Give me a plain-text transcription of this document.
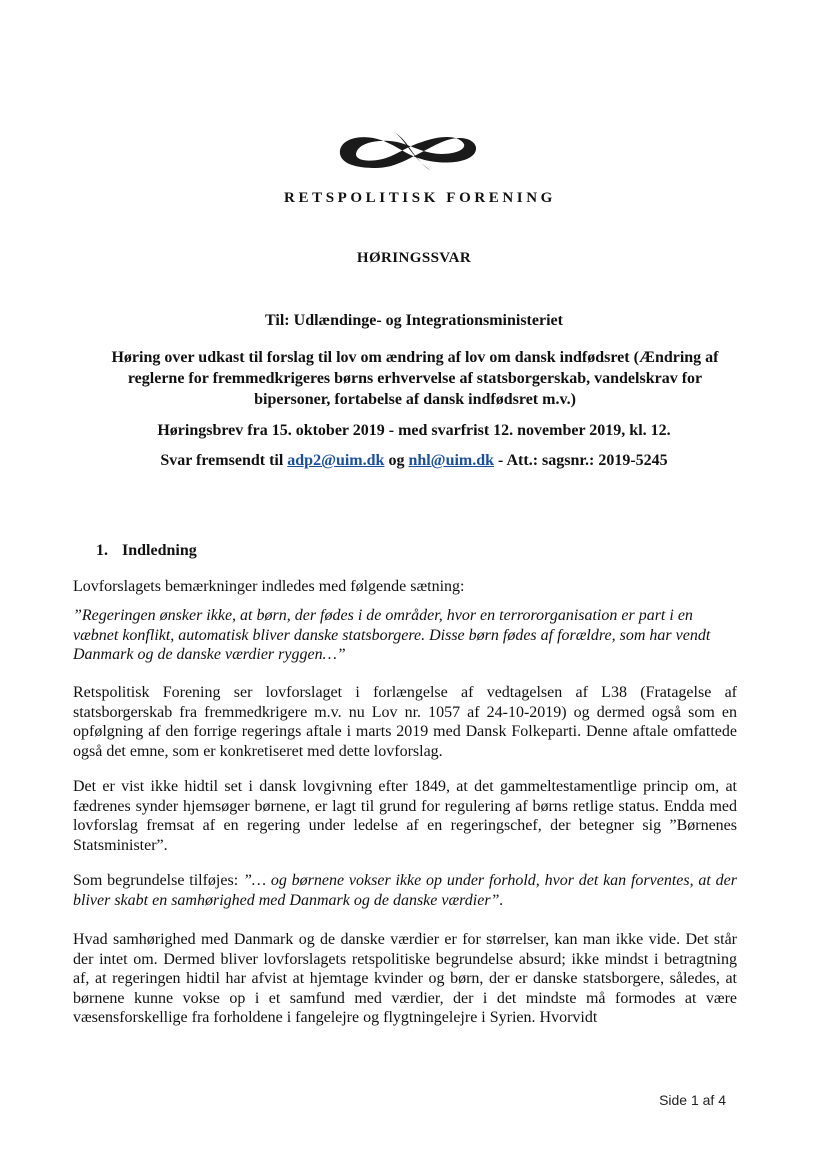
RETSPOLITISK FORENING
HØRINGSSVAR
Til: Udlændinge- og Integrationsministeriet
Høring over udkast til forslag til lov om ændring af lov om dansk indfødsret (Ændring af reglerne for fremmedkrigeres børns erhvervelse af statsborgerskab, vandelskrav for bipersoner, fortabelse af dansk indfødsret m.v.)
Høringsbrev fra 15. oktober 2019 - med svarfrist 12. november 2019, kl. 12.
Svar fremsendt til adp2@uim.dk og nhl@uim.dk - Att.: sagsnr.: 2019-5245
1. Indledning
Lovforslagets bemærkninger indledes med følgende sætning:
”Regeringen ønsker ikke, at børn, der fødes i de områder, hvor en terrororganisation er part i en væbnet konflikt, automatisk bliver danske statsborgere. Disse børn fødes af forældre, som har vendt Danmark og de danske værdier ryggen…”
Retspolitisk Forening ser lovforslaget i forlængelse af vedtagelsen af L38 (Fratagelse af statsborgerskab fra fremmedkrigere m.v. nu Lov nr. 1057 af 24-10-2019) og dermed også som en opfølgning af den forrige regerings aftale i marts 2019 med Dansk Folkeparti. Denne aftale omfattede også det emne, som er konkretiseret med dette lovforslag.
Det er vist ikke hidtil set i dansk lovgivning efter 1849, at det gammeltestamentlige princip om, at fædrenes synder hjemsøger børnene, er lagt til grund for regulering af børns retlige status. Endda med lovforslag fremsat af en regering under ledelse af en regeringschef, der betegner sig ”Børnenes Statsminister”.
Som begrundelse tilføjes: ”… og børnene vokser ikke op under forhold, hvor det kan forventes, at der bliver skabt en samhørighed med Danmark og de danske værdier”.
Hvad samhørighed med Danmark og de danske værdier er for størrelser, kan man ikke vide. Det står der intet om. Dermed bliver lovforslagets retspolitiske begrundelse absurd; ikke mindst i betragtning af, at regeringen hidtil har afvist at hjemtage kvinder og børn, der er danske statsborgere, således, at børnene kunne vokse op i et samfund med værdier, der i det mindste må formodes at være væsensforskellige fra forholdene i fangelejre og flygtningelejre i Syrien. Hvorvidt
Side 1 af 4
